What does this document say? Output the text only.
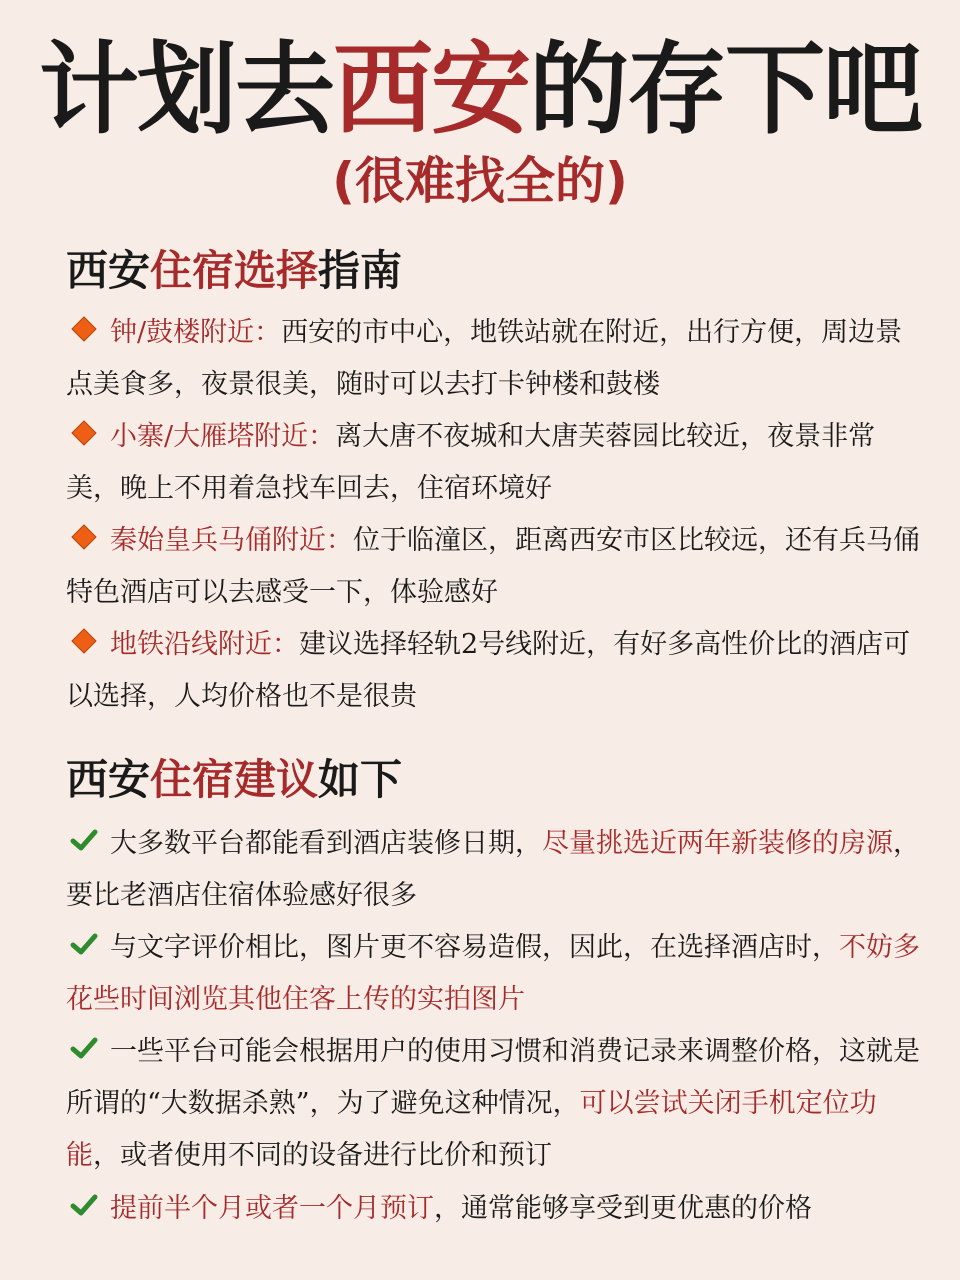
计划去西安的存下吧
(很难找全的)
西安住宿选择指南
钟/鼓楼附近：西安的市中心，地铁站就在附近，出行方便，周边景点美食多，夜景很美，随时可以去打卡钟楼和鼓楼
小寨/大雁塔附近：离大唐不夜城和大唐芙蓉园比较近，夜景非常美，晚上不用着急找车回去，住宿环境好
秦始皇兵马俑附近：位于临潼区，距离西安市区比较远，还有兵马俑特色酒店可以去感受一下，体验感好
地铁沿线附近：建议选择轻轨2号线附近，有好多高性价比的酒店可以选择，人均价格也不是很贵
西安住宿建议如下
大多数平台都能看到酒店装修日期，尽量挑选近两年新装修的房源，要比老酒店住宿体验感好很多
与文字评价相比，图片更不容易造假，因此，在选择酒店时，不妨多花些时间浏览其他住客上传的实拍图片
一些平台可能会根据用户的使用习惯和消费记录来调整价格，这就是所谓的“大数据杀熟”，为了避免这种情况，可以尝试关闭手机定位功能，或者使用不同的设备进行比价和预订
提前半个月或者一个月预订，通常能够享受到更优惠的价格
